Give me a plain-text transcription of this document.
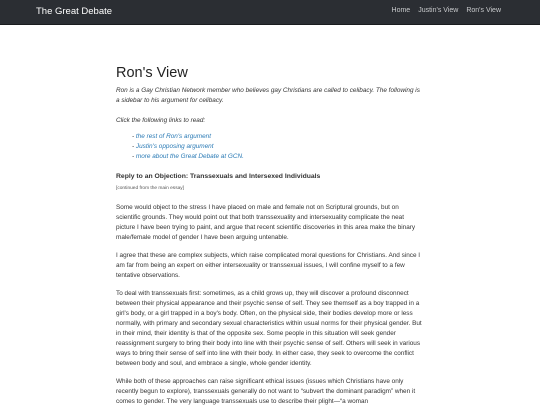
The Great Debate	Home Justin's View Ron's View
Ron's View

Ron is a Gay Christian Network member who believes gay Christians are called to celibacy. The following is a sidebar to his argument for celibacy.

Click the following links to read:

- the rest of Ron's argument
- Justin's opposing argument
- more about the Great Debate at GCN.

Reply to an Objection: Transsexuals and Intersexed Individuals

[continued from the main essay]

Some would object to the stress I have placed on male and female not on Scriptural grounds, but on scientific grounds. They would point out that both transsexuality and intersexuality complicate the neat picture I have been trying to paint, and argue that recent scientific discoveries in this area make the binary male/female model of gender I have been arguing untenable.

I agree that these are complex subjects, which raise complicated moral questions for Christians. And since I am far from being an expert on either intersexuality or transsexual issues, I will confine myself to a few tentative observations.

To deal with transsexuals first: sometimes, as a child grows up, they will discover a profound disconnect between their physical appearance and their psychic sense of self. They see themself as a boy trapped in a girl's body, or a girl trapped in a boy's body. Often, on the physical side, their bodies develop more or less normally, with primary and secondary sexual characteristics within usual norms for their physical gender. But in their mind, their identity is that of the opposite sex. Some people in this situation will seek gender reassignment surgery to bring their body into line with their psychic sense of self. Others will seek in various ways to bring their sense of self into line with their body. In either case, they seek to overcome the conflict between body and soul, and embrace a single, whole gender identity.

While both of these approaches can raise significant ethical issues (issues which Christians have only recently begun to explore), transsexuals generally do not want to “subvert the dominant paradigm” when it comes to gender. The very language transsexuals use to describe their plight—“a woman
